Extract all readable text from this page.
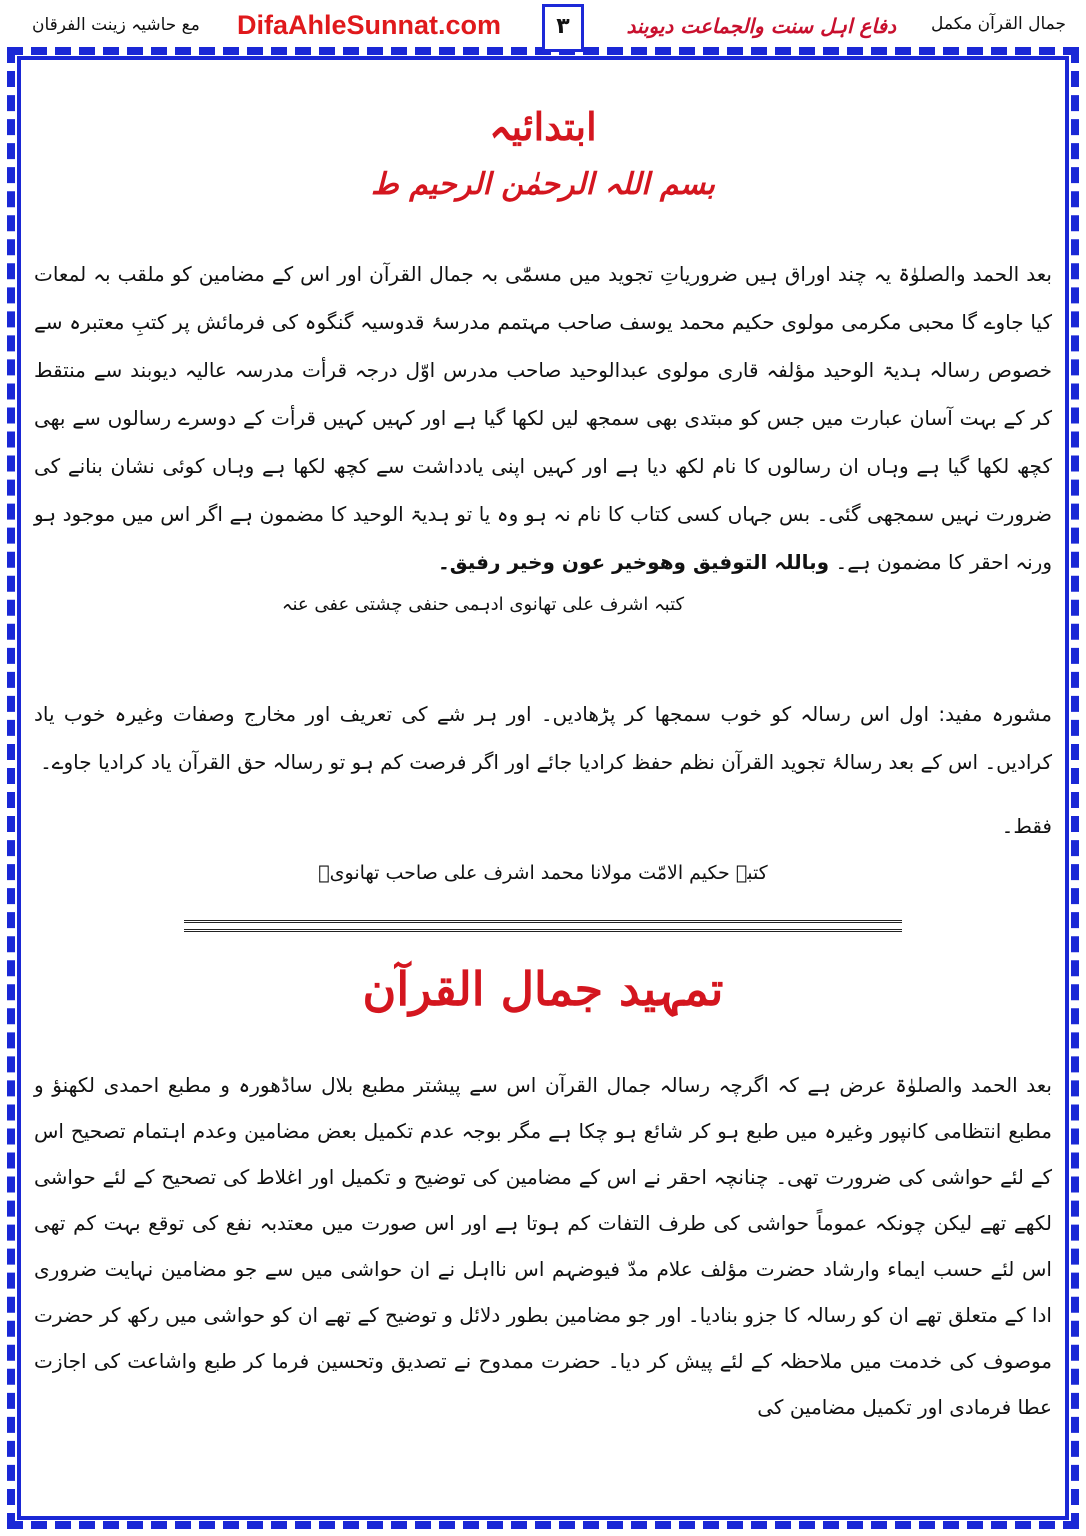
جمال القرآن مکمل
دفاع اہل سنت والجماعت دیوبند
DifaAhleSunnat.com
مع حاشیہ زینت الفرقان	٣
ابتدائیہ
بسم اللہ الرحمٰن الرحیم ط
بعد الحمد والصلوٰۃ یہ چند اوراق ہیں ضروریاتِ تجوید میں مسمّٰی بہ جمال القرآن اور اس کے مضامین کو ملقب بہ لمعات کیا جاوے گا محبی مکرمی مولوی حکیم محمد یوسف صاحب مہتمم مدرسۂ قدوسیہ گنگوہ کی فرمائش پر کتبِ معتبرہ سے خصوص رسالہ ہدیۃ الوحید مؤلفہ قاری مولوی عبدالوحید صاحب مدرس اوّل درجہ قرأت مدرسہ عالیہ دیوبند سے منتقط کر کے بہت آسان عبارت میں جس کو مبتدی بھی سمجھ لیں لکھا گیا ہے اور کہیں کہیں قرأت کے دوسرے رسالوں سے بھی کچھ لکھا گیا ہے وہاں ان رسالوں کا نام لکھ دیا ہے اور کہیں اپنی یادداشت سے کچھ لکھا ہے وہاں کوئی نشان بنانے کی ضرورت نہیں سمجھی گئی۔ بس جہاں کسی کتاب کا نام نہ ہو وہ یا تو ہدیۃ الوحید کا مضمون ہے اگر اس میں موجود ہو ورنہ احقر کا مضمون ہے۔ وباللہ التوفیق وھوخیر عون وخیر رفیق۔
کتبہ اشرف علی تھانوی ادہمی حنفی چشتی عفی عنہ
مشورہ مفید: اول اس رسالہ کو خوب سمجھا کر پڑھادیں۔ اور ہر شے کی تعریف اور مخارج وصفات وغیرہ خوب یاد کرادیں۔ اس کے بعد رسالۂ تجوید القرآن نظم حفظ کرادیا جائے اور اگر فرصت کم ہو تو رسالہ حق القرآن یاد کرادیا جاوے۔
فقط۔
کتبہ حکیم الامّت مولانا محمد اشرف علی صاحب تھانویؒ
تمہید جمال القرآن
بعد الحمد والصلوٰۃ عرض ہے کہ اگرچہ رسالہ جمال القرآن اس سے پیشتر مطبع بلال ساڈھورہ و مطبع احمدی لکھنؤ و مطبع انتظامی کانپور وغیرہ میں طبع ہو کر شائع ہو چکا ہے مگر بوجہ عدم تکمیل بعض مضامین وعدم اہتمام تصحیح اس کے لئے حواشی کی ضرورت تھی۔ چنانچہ احقر نے اس کے مضامین کی توضیح و تکمیل اور اغلاط کی تصحیح کے لئے حواشی لکھے تھے لیکن چونکہ عموماً حواشی کی طرف التفات کم ہوتا ہے اور اس صورت میں معتدبہ نفع کی توقع بہت کم تھی اس لئے حسب ایماء وارشاد حضرت مؤلف علام مدّ فیوضہم اس نااہل نے ان حواشی میں سے جو مضامین نہایت ضروری ادا کے متعلق تھے ان کو رسالہ کا جزو بنادیا۔ اور جو مضامین بطور دلائل و توضیح کے تھے ان کو حواشی میں رکھ کر حضرت موصوف کی خدمت میں ملاحظہ کے لئے پیش کر دیا۔ حضرت ممدوح نے تصدیق وتحسین فرما کر طبع واشاعت کی اجازت عطا فرمادی اور تکمیل مضامین کی
